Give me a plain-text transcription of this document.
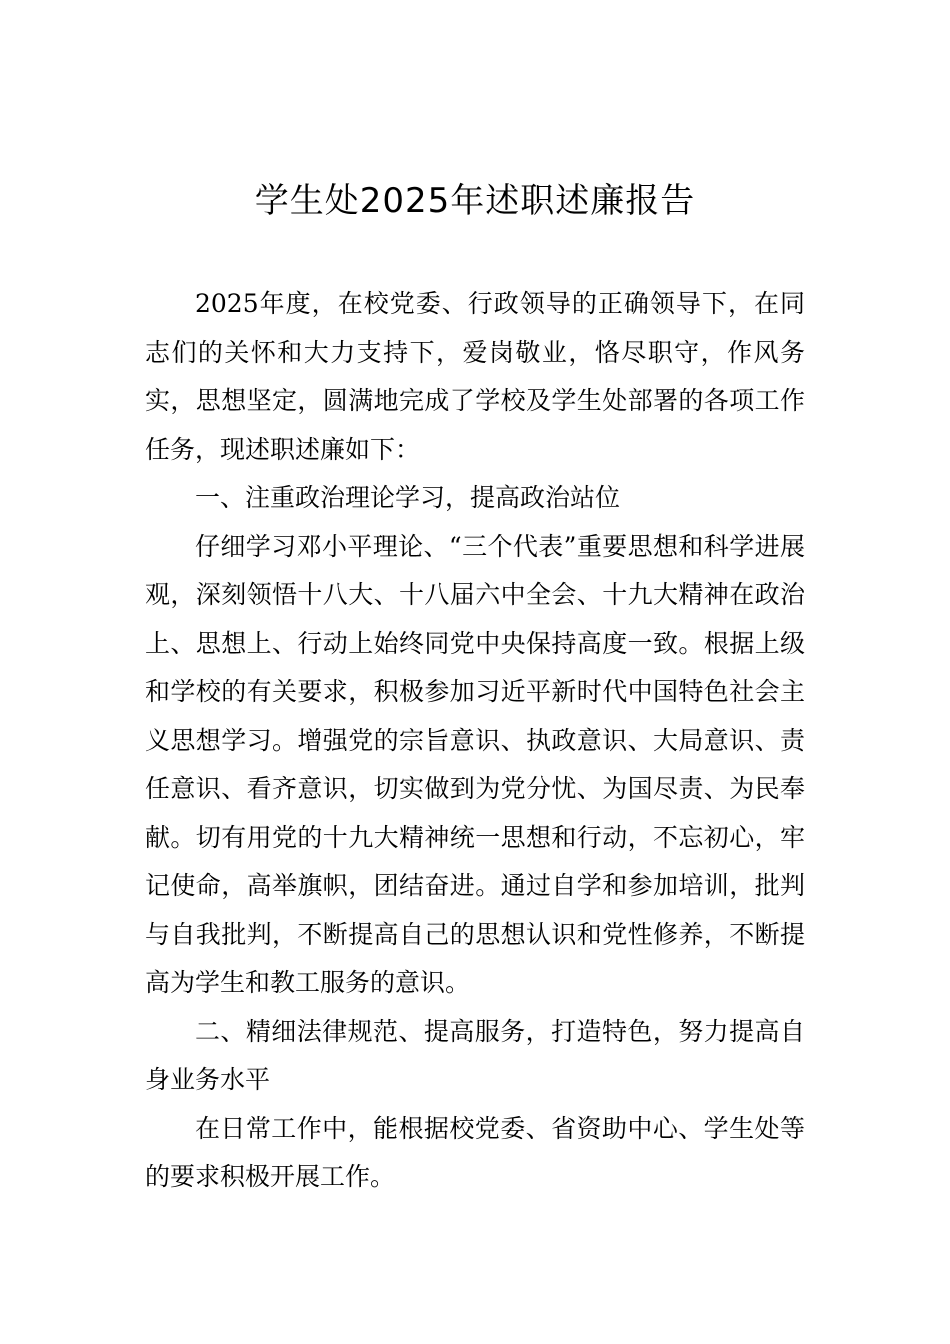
学生处2025年述职述廉报告

2025年度，在校党委、行政领导的正确领导下，在同志们的关怀和大力支持下，爱岗敬业，恪尽职守，作风务实，思想坚定，圆满地完成了学校及学生处部署的各项工作任务，现述职述廉如下：

一、注重政治理论学习，提高政治站位

仔细学习邓小平理论、“三个代表”重要思想和科学进展观，深刻领悟十八大、十八届六中全会、十九大精神在政治上、思想上、行动上始终同党中央保持高度一致。根据上级和学校的有关要求，积极参加习近平新时代中国特色社会主义思想学习。增强党的宗旨意识、执政意识、大局意识、责任意识、看齐意识，切实做到为党分忧、为国尽责、为民奉献。切有用党的十九大精神统一思想和行动，不忘初心，牢记使命，高举旗帜，团结奋进。通过自学和参加培训，批判与自我批判，不断提高自己的思想认识和党性修养，不断提高为学生和教工服务的意识。

二、精细法律规范、提高服务，打造特色，努力提高自身业务水平

在日常工作中，能根据校党委、省资助中心、学生处等的要求积极开展工作。
